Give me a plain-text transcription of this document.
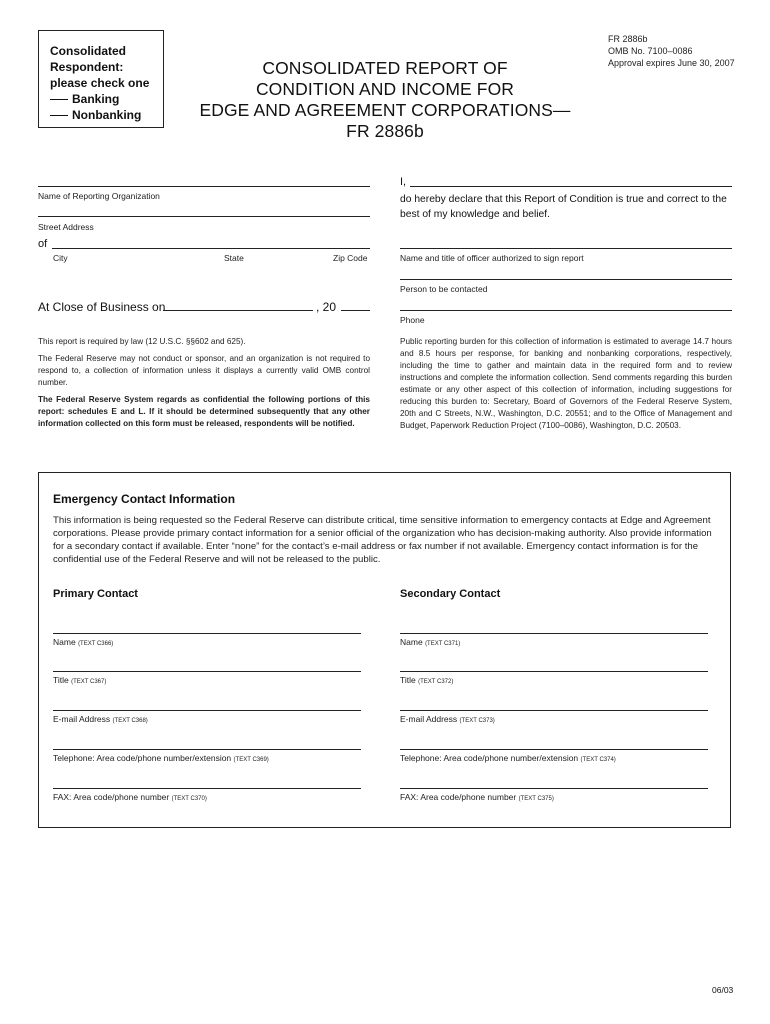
Consolidated
Respondent:
please check one
Banking
Nonbanking
FR 2886b
OMB No. 7100–0086
Approval expires June 30, 2007
CONSOLIDATED REPORT OF
CONDITION AND INCOME FOR
EDGE AND AGREEMENT CORPORATIONS—
FR 2886b
Name of Reporting Organization
Street Address
of
City	State	Zip Code
At Close of Business on	, 20
I,
do hereby declare that this Report of Condition is true and correct to the best of my knowledge and belief.
Name and title of officer authorized to sign report
Person to be contacted
Phone
This report is required by law (12 U.S.C. §§602 and 625).
The Federal Reserve may not conduct or sponsor, and an organization is not required to respond to, a collection of information unless it displays a currently valid OMB control number.
The Federal Reserve System regards as confidential the following portions of this report: schedules E and L. If it should be determined subsequently that any other information collected on this form must be released, respondents will be notified.
Public reporting burden for this collection of information is estimated to average 14.7 hours and 8.5 hours per response, for banking and nonbanking corporations, respectively, including the time to gather and maintain data in the required form and to review instructions and complete the information collection. Send comments regarding this burden estimate or any other aspect of this collection of information, including suggestions for reducing this burden to: Secretary, Board of Governors of the Federal Reserve System, 20th and C Streets, N.W., Washington, D.C. 20551; and to the Office of Management and Budget, Paperwork Reduction Project (7100–0086), Washington, D.C. 20503.
Emergency Contact Information
This information is being requested so the Federal Reserve can distribute critical, time sensitive information to emergency contacts at Edge and Agreement corporations. Please provide primary contact information for a senior official of the organization who has decision-making authority. Also provide information for a secondary contact if available. Enter “none” for the contact’s e-mail address or fax number if not available. Emergency contact information is for the confidential use of the Federal Reserve and will not be released to the public.
Primary Contact	Secondary Contact
Name (TEXT C366)
Title (TEXT C367)
E-mail Address (TEXT C368)
Telephone: Area code/phone number/extension (TEXT C369)
FAX: Area code/phone number (TEXT C370)
Name (TEXT C371)
Title (TEXT C372)
E-mail Address (TEXT C373)
Telephone: Area code/phone number/extension (TEXT C374)
FAX: Area code/phone number (TEXT C375)
06/03
